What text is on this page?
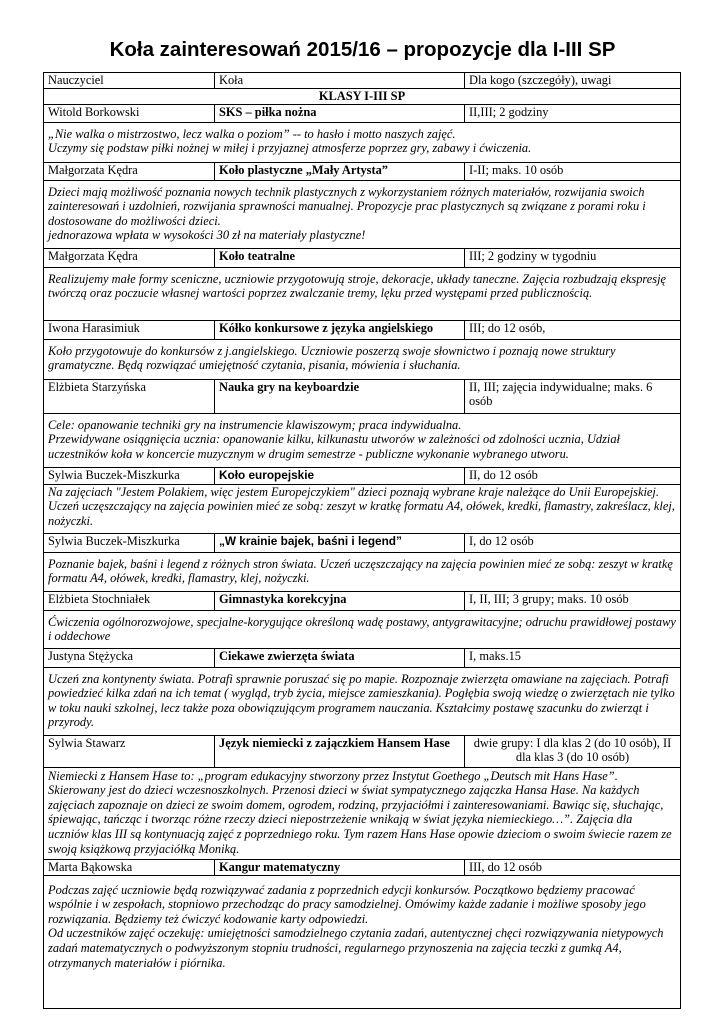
Koła zainteresowań 2015/16 – propozycje dla I-III SP
Nauczyciel	Koła	Dla kogo (szczegóły), uwagi
KLASY I-III SP		
Witold Borkowski	SKS – piłka nożna	II,III; 2 godziny

„Nie walka o mistrzostwo, lecz walka o poziom” -- to hasło i motto naszych zajęć.
Uczymy się podstaw piłki nożnej w miłej i przyjaznej atmosferze poprzez gry, zabawy i ćwiczenia.		

Małgorzata Kędra	Koło plastyczne „Mały Artysta”	I-II; maks. 10 osób

Dzieci mają możliwość poznania nowych technik plastycznych z wykorzystaniem różnych materiałów, rozwijania swoich zainteresowań i uzdolnień, rozwijania sprawności manualnej. Propozycje prac plastycznych są związane z porami roku i dostosowane do możliwości dzieci.
jednorazowa wpłata w wysokości 30 zł na materiały plastyczne!		

Małgorzata Kędra	Koło teatralne	III; 2 godziny w tygodniu

Realizujemy małe formy sceniczne, uczniowie przygotowują stroje, dekoracje, układy taneczne. Zajęcia rozbudzają ekspresję twórczą oraz poczucie własnej wartości poprzez zwalczanie tremy, lęku przed występami przed publicznością.		

Iwona Harasimiuk	Kółko konkursowe z języka angielskiego	III; do 12 osób,

Koło przygotowuje do konkursów z j.angielskiego. Uczniowie poszerzą swoje słownictwo i poznają nowe struktury gramatyczne. Będą rozwiązać umiejętność czytania, pisania, mówienia i słuchania.		

Elżbieta Starzyńska	Nauka gry na keyboardzie	II, III; zajęcia indywidualne; maks. 6 osób

Cele: opanowanie techniki gry na instrumencie klawiszowym; praca indywidualna.
Przewidywane osiągnięcia ucznia: opanowanie kilku, kilkunastu utworów w zależności od zdolności ucznia, Udział uczestników koła w koncercie muzycznym w drugim semestrze - publiczne wykonanie wybranego utworu.		

Sylwia Buczek-Miszkurka	Koło europejskie	II, do 12 osób

Na zajęciach "Jestem Polakiem, więc jestem Europejczykiem" dzieci poznają wybrane kraje należące do Unii Europejskiej. Uczeń uczęszczający na zajęcia powinien mieć ze sobą: zeszyt w kratkę formatu A4, ołówek, kredki, flamastry, zakreślacz, klej, nożyczki.		

Sylwia Buczek-Miszkurka	„W krainie bajek, baśni i legend”	I, do 12 osób

Poznanie bajek, baśni i legend z różnych stron świata. Uczeń uczęszczający na zajęcia powinien mieć ze sobą: zeszyt w kratkę formatu A4, ołówek, kredki, flamastry, klej, nożyczki.		

Elżbieta Stochniałek	Gimnastyka korekcyjna	I, II, III; 3 grupy; maks. 10 osób

Ćwiczenia ogólnorozwojowe, specjalne-korygujące określoną wadę postawy, antygrawitacyjne; odruchu prawidłowej postawy i oddechowe		

Justyna Stężycka	Ciekawe zwierzęta świata	I, maks.15

Uczeń zna kontynenty świata. Potrafi sprawnie poruszać się po mapie. Rozpoznaje zwierzęta omawiane na zajęciach. Potrafi powiedzieć kilka zdań na ich temat ( wygląd, tryb życia, miejsce zamieszkania). Pogłębia swoją wiedzę o zwierzętach nie tylko w toku nauki szkolnej, lecz także poza obowiązującym programem nauczania. Kształcimy postawę szacunku do zwierząt i przyrody.		

Sylwia Stawarz	Język niemiecki z zajączkiem Hansem Hase	dwie grupy: I dla klas 2 (do 10 osób), II dla klas 3 (do 10 osób)

Niemiecki z Hansem Hase to: „program edukacyjny stworzony przez Instytut Goethego „Deutsch mit Hans Hase”. Skierowany jest do dzieci wczesnoszkolnych. Przenosi dzieci w świat sympatycznego zajączka Hansa Hase. Na każdych zajęciach zapoznaje on dzieci ze swoim domem, ogrodem, rodziną, przyjaciółmi i zainteresowaniami. Bawiąc się, słuchając, śpiewając, tańcząc i tworząc różne rzeczy dzieci niepostrzeżenie wnikają w świat języka niemieckiego…”. Zajęcia dla uczniów klas III są kontynuacją zajęć z poprzedniego roku. Tym razem Hans Hase opowie dzieciom o swoim świecie razem ze swoją książkową przyjaciółką Moniką.		

Marta Bąkowska	Kangur matematyczny	III, do 12 osób

Podczas zajęć uczniowie będą rozwiązywać zadania z poprzednich edycji konkursów. Początkowo będziemy pracować wspólnie i w zespołach, stopniowo przechodząc do pracy samodzielnej. Omówimy każde zadanie i możliwe sposoby jego rozwiązania. Będziemy też ćwiczyć kodowanie karty odpowiedzi.
Od uczestników zajęć oczekuję: umiejętności samodzielnego czytania zadań, autentycznej chęci rozwiązywania nietypowych zadań matematycznych o podwyższonym stopniu trudności, regularnego przynoszenia na zajęcia teczki z gumką A4, otrzymanych materiałów i piórnika.		
